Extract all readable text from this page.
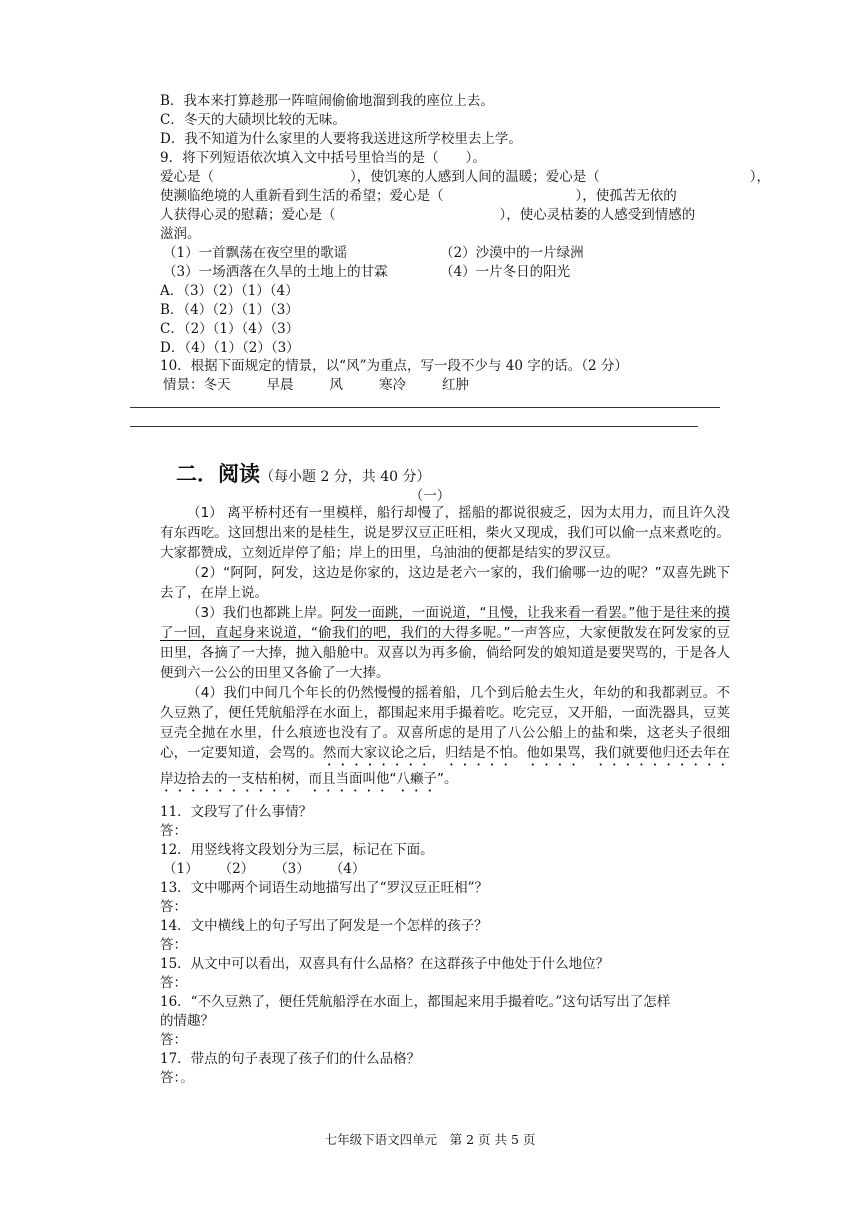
B．我本来打算趁那一阵喧闹偷偷地溜到我的座位上去。
C．冬天的大碛坝比较的无味。
D．我不知道为什么家里的人要将我送进这所学校里去上学。
9．将下列短语依次填入文中括号里恰当的是（　　）。
爱心是（	），使饥寒的人感到人间的温暖；爱心是（	），
使濒临绝境的人重新看到生活的希望；爱心是（	），使孤苦无依的
人获得心灵的慰藉；爱心是（	），使心灵枯萎的人感受到情感的
滋润。
（1）一首飘荡在夜空里的歌谣	（2）沙漠中的一片绿洲
（3）一场洒落在久旱的土地上的甘霖	（4）一片冬日的阳光
A．（3）（2）（1）（4）
B．（4）（2）（1）（3）
C．（2）（1）（4）（3）
D．（4）（1）（2）（3）
10．根据下面规定的情景，以“风”为重点，写一段不少与 40 字的话。（2 分）
情景：冬天	早晨	风	寒冷	红肿
二．阅读（每小题 2 分，共 40 分）
（一）

（1） 离平桥村还有一里模样，船行却慢了，摇船的都说很疲乏，因为太用力，而且许久没有东西吃。这回想出来的是桂生，说是罗汉豆正旺相，柴火又现成，我们可以偷一点来煮吃的。大家都赞成，立刻近岸停了船；岸上的田里，乌油油的便都是结实的罗汉豆。

（2）“阿阿，阿发，这边是你家的，这边是老六一家的，我们偷哪一边的呢？”双喜先跳下去了，在岸上说。

（3）我们也都跳上岸。阿发一面跳，一面说道，“且慢，让我来看一看罢。”他于是往来的摸了一回，直起身来说道，“偷我们的吧，我们的大得多呢。”一声答应，大家便散发在阿发家的豆田里，各摘了一大捧，抛入船舱中。双喜以为再多偷，倘给阿发的娘知道是要哭骂的，于是各人便到六一公公的田里又各偷了一大捧。

（4）我们中间几个年长的仍然慢慢的摇着船，几个到后舱去生火，年幼的和我都剥豆。不久豆熟了，便任凭航船浮在水面上，都围起来用手撮着吃。吃完豆，又开船，一面洗器具，豆荚豆壳全抛在水里，什么痕迹也没有了。双喜所虑的是用了八公公船上的盐和柴，这老头子很细心，一定要知道，会骂的。然而大家议论之后，归结是不怕。他如果骂，我们就要他归还去年在岸边拾去的一支枯桕树，而且当面叫他“八癞子”。

11．文段写了什么事情？
答：
12．用竖线将文段划分为三层，标记在下面。
（1） （2） （3） （4）
13．文中哪两个词语生动地描写出了“罗汉豆正旺相”？
答：
14．文中横线上的句子写出了阿发是一个怎样的孩子？
答：
15．从文中可以看出，双喜具有什么品格？在这群孩子中他处于什么地位？
答：
16．“不久豆熟了，便任凭航船浮在水面上，都围起来用手撮着吃。”这句话写出了怎样
的情趣？
答：
17．带点的句子表现了孩子们的什么品格？
答：。
七年级下语文四单元　第 2 页 共 5 页
